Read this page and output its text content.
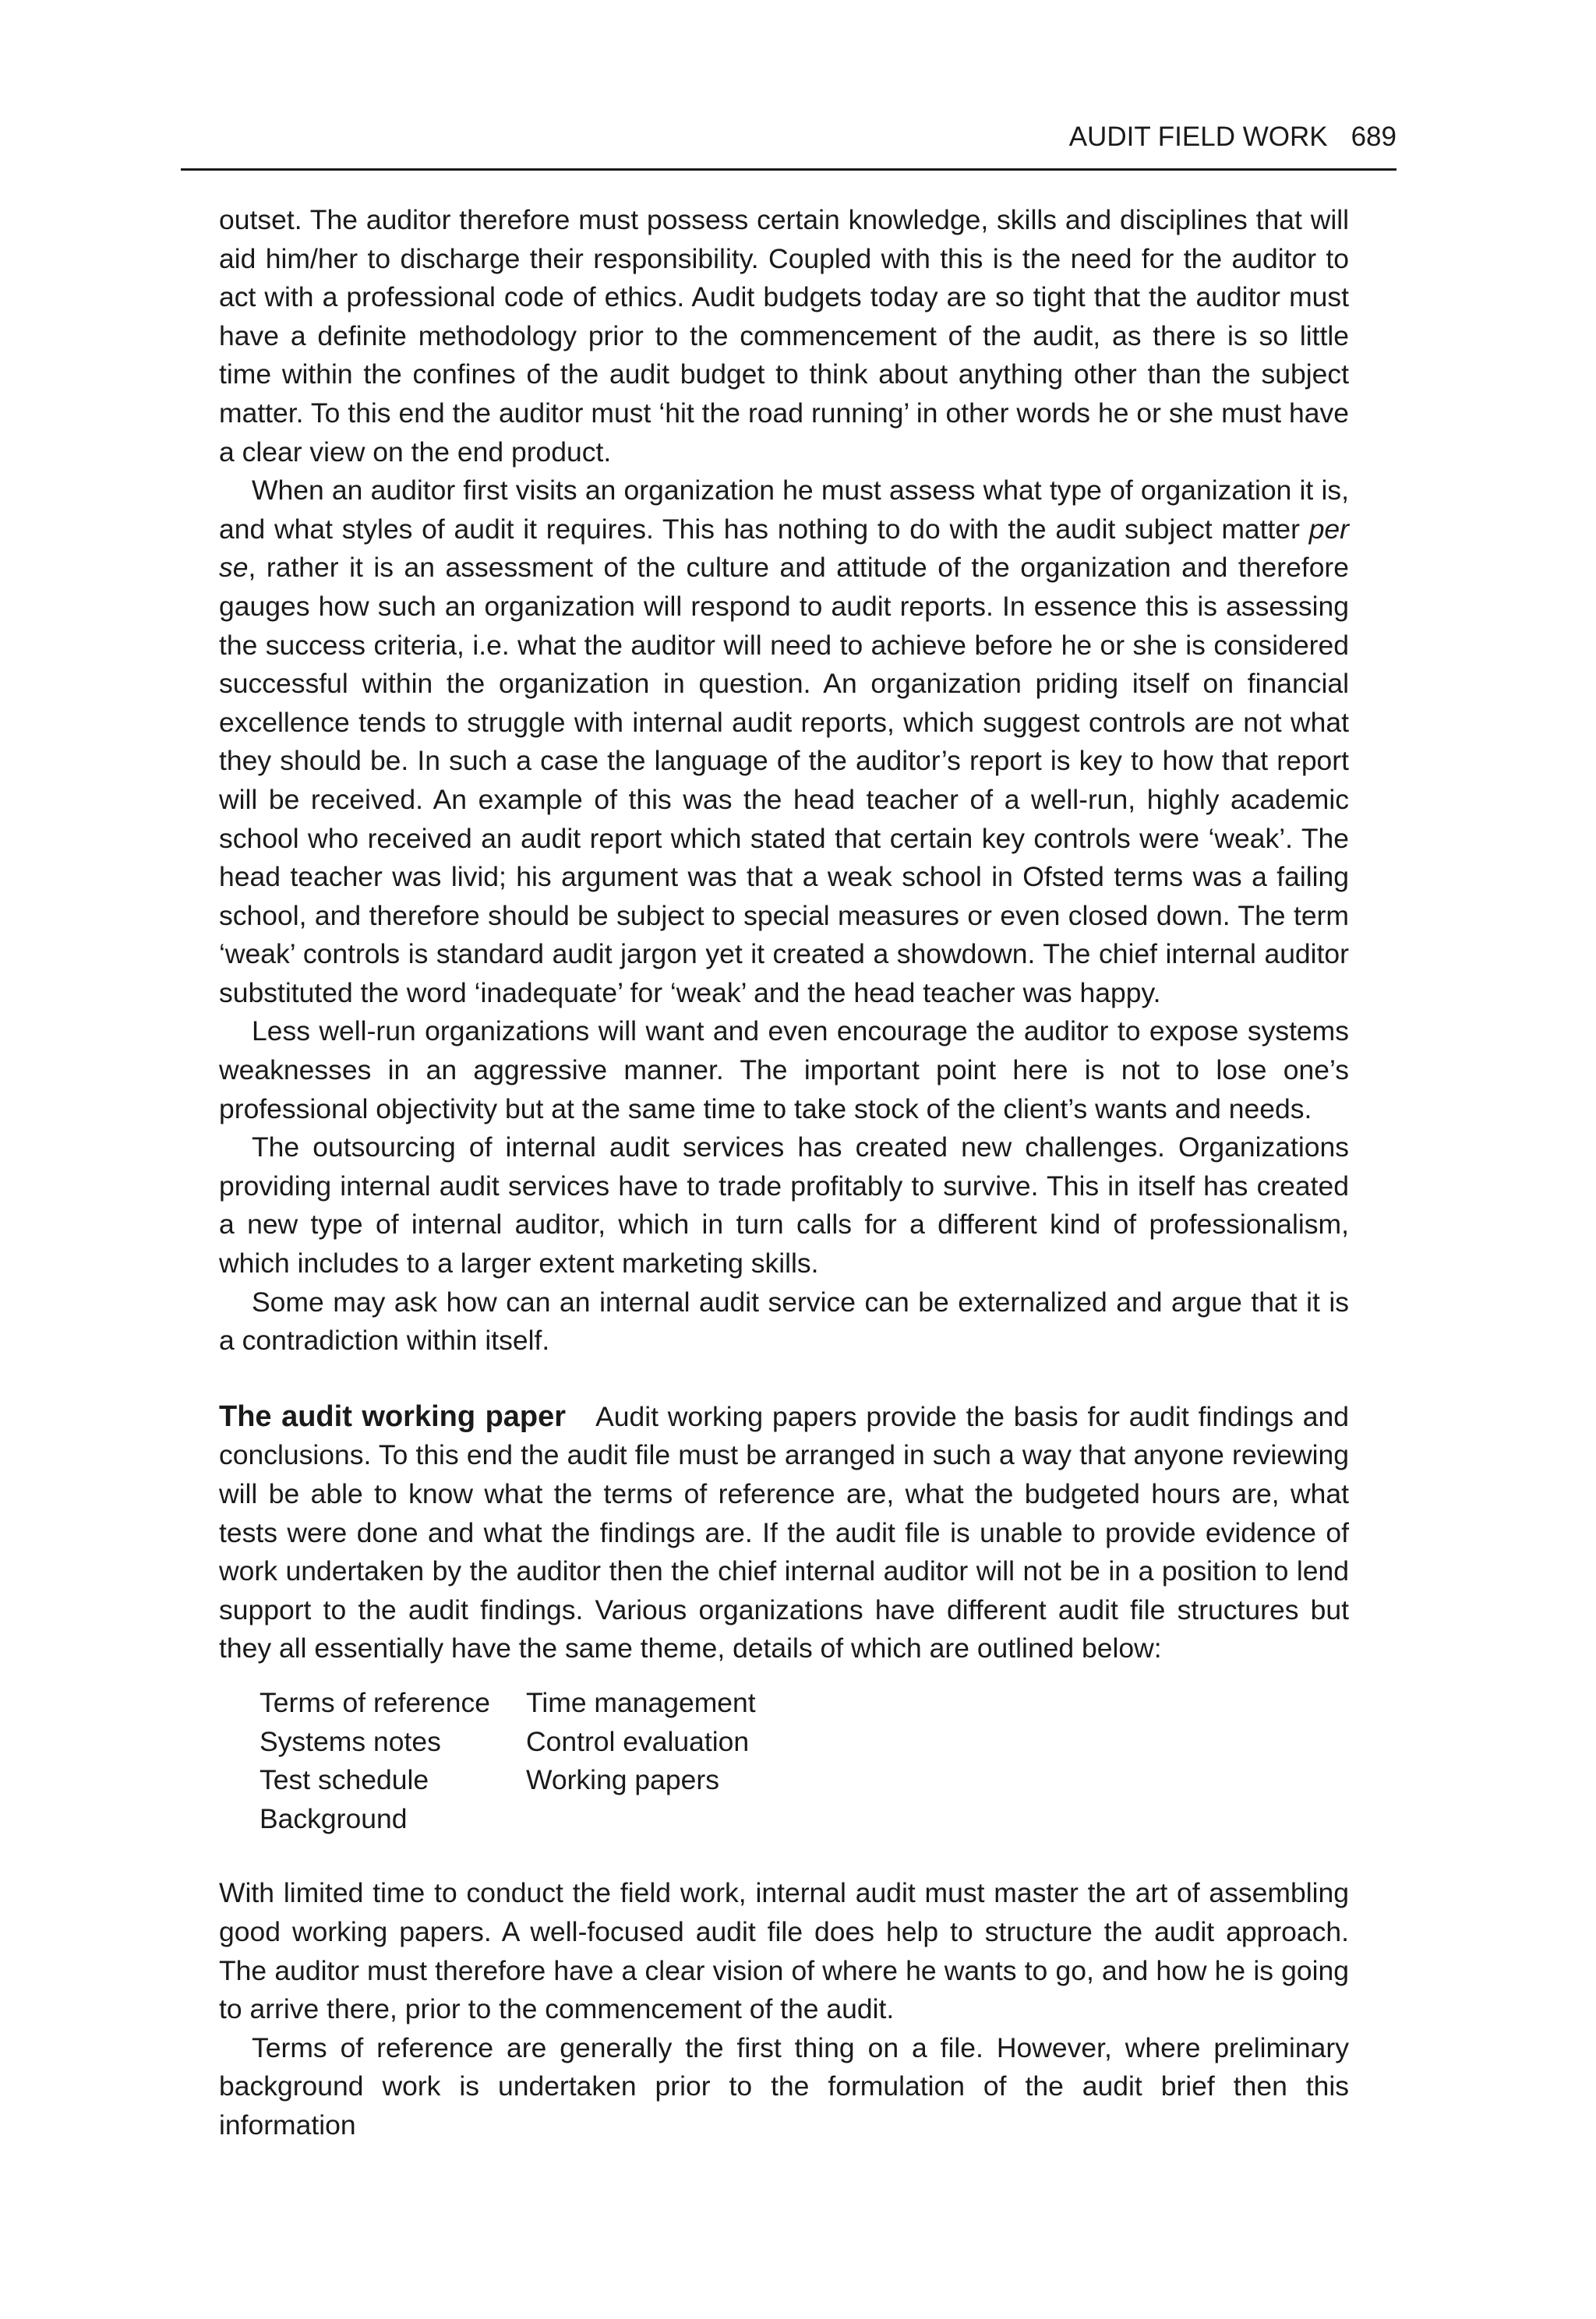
AUDIT FIELD WORK 689

outset. The auditor therefore must possess certain knowledge, skills and disciplines that will aid him/her to discharge their responsibility. Coupled with this is the need for the auditor to act with a professional code of ethics. Audit budgets today are so tight that the auditor must have a definite methodology prior to the commencement of the audit, as there is so little time within the confines of the audit budget to think about anything other than the subject matter. To this end the auditor must ‘hit the road running’ in other words he or she must have a clear view on the end product.

When an auditor first visits an organization he must assess what type of organization it is, and what styles of audit it requires. This has nothing to do with the audit subject matter per se, rather it is an assessment of the culture and attitude of the organization and therefore gauges how such an organization will respond to audit reports. In essence this is assessing the success criteria, i.e. what the auditor will need to achieve before he or she is considered successful within the organization in question. An organization priding itself on financial excellence tends to struggle with internal audit reports, which suggest controls are not what they should be. In such a case the language of the auditor’s report is key to how that report will be received. An example of this was the head teacher of a well-run, highly academic school who received an audit report which stated that certain key controls were ‘weak’. The head teacher was livid; his argument was that a weak school in Ofsted terms was a failing school, and therefore should be subject to special measures or even closed down. The term ‘weak’ controls is standard audit jargon yet it created a showdown. The chief internal auditor substituted the word ‘inadequate’ for ‘weak’ and the head teacher was happy.

Less well-run organizations will want and even encourage the auditor to expose systems weaknesses in an aggressive manner. The important point here is not to lose one’s professional objectivity but at the same time to take stock of the client’s wants and needs.

The outsourcing of internal audit services has created new challenges. Organizations providing internal audit services have to trade profitably to survive. This in itself has created a new type of internal auditor, which in turn calls for a different kind of professionalism, which includes to a larger extent marketing skills.

Some may ask how can an internal audit service can be externalized and argue that it is a contradiction within itself.

The audit working paper Audit working papers provide the basis for audit findings and conclusions. To this end the audit file must be arranged in such a way that anyone reviewing will be able to know what the terms of reference are, what the budgeted hours are, what tests were done and what the findings are. If the audit file is unable to provide evidence of work undertaken by the auditor then the chief internal auditor will not be in a position to lend support to the audit findings. Various organizations have different audit file structures but they all essentially have the same theme, details of which are outlined below:

Terms of reference	Time management
Systems notes	Control evaluation
Test schedule	Working papers
Background

With limited time to conduct the field work, internal audit must master the art of assembling good working papers. A well-focused audit file does help to structure the audit approach. The auditor must therefore have a clear vision of where he wants to go, and how he is going to arrive there, prior to the commencement of the audit.

Terms of reference are generally the first thing on a file. However, where preliminary background work is undertaken prior to the formulation of the audit brief then this information
